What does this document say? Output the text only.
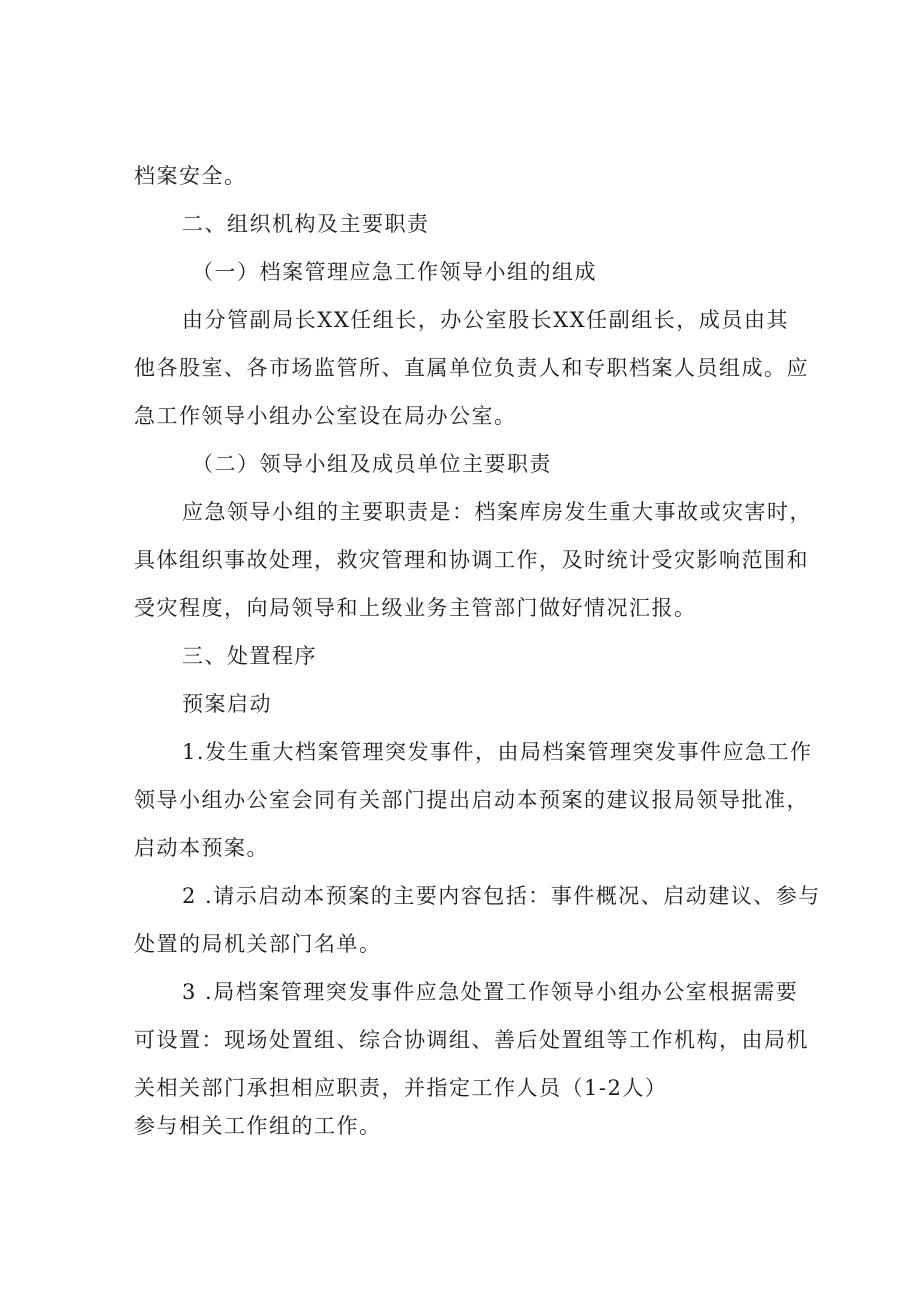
档案安全。
二、组织机构及主要职责
（一）档案管理应急工作领导小组的组成
由分管副局长XX任组长，办公室股长XX任副组长，成员由其
他各股室、各市场监管所、直属单位负责人和专职档案人员组成。应
急工作领导小组办公室设在局办公室。
（二）领导小组及成员单位主要职责
应急领导小组的主要职责是：档案库房发生重大事故或灾害时，
具体组织事故处理，救灾管理和协调工作，及时统计受灾影响范围和
受灾程度，向局领导和上级业务主管部门做好情况汇报。
三、处置程序
预案启动
1.发生重大档案管理突发事件，由局档案管理突发事件应急工作
领导小组办公室会同有关部门提出启动本预案的建议报局领导批准，
启动本预案。
2 .请示启动本预案的主要内容包括：事件概况、启动建议、参与
处置的局机关部门名单。
3 .局档案管理突发事件应急处置工作领导小组办公室根据需要
可设置：现场处置组、综合协调组、善后处置组等工作机构，由局机
关相关部门承担相应职责，并指定工作人员（1-2人）
参与相关工作组的工作。
